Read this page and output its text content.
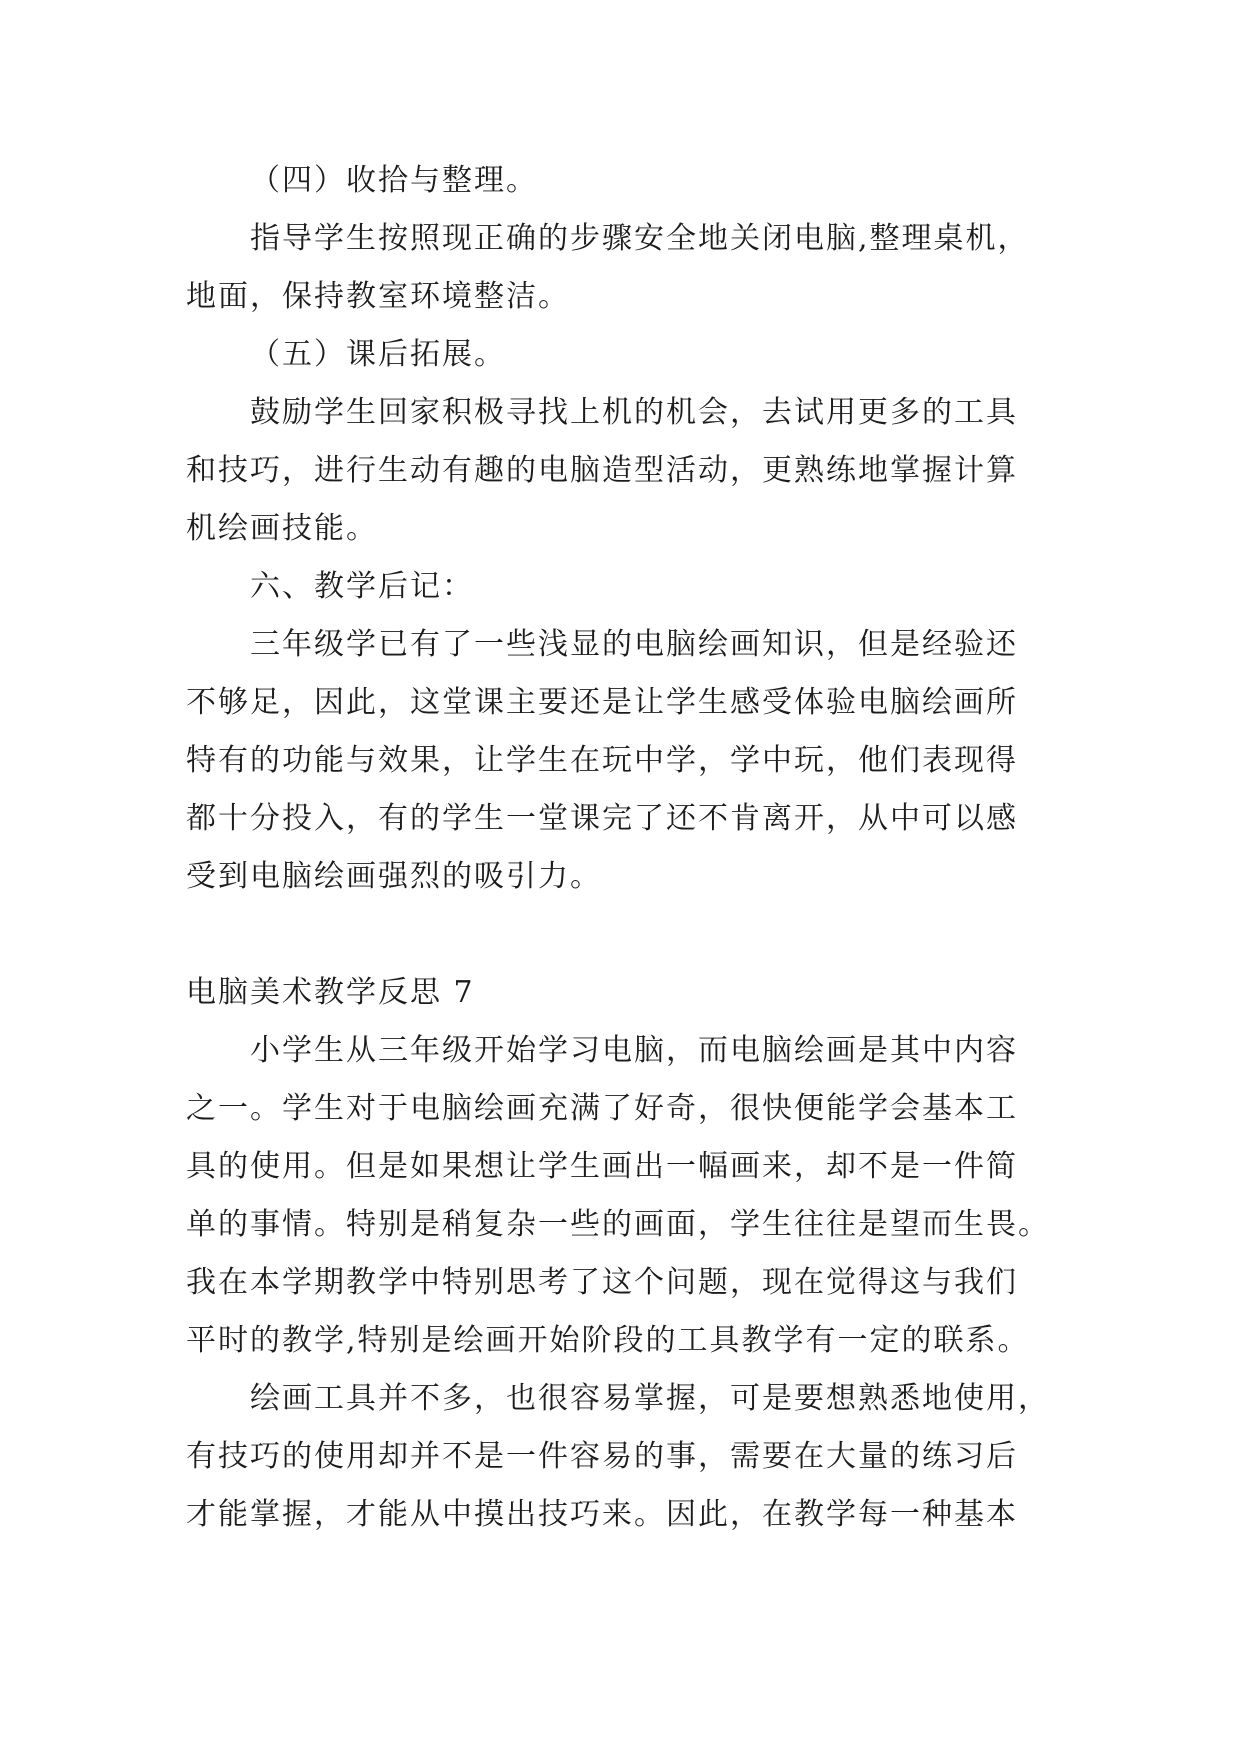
（四）收拾与整理。
指导学生按照现正确的步骤安全地关闭电脑,整理桌机，
地面，保持教室环境整洁。
（五）课后拓展。
鼓励学生回家积极寻找上机的机会，去试用更多的工具
和技巧，进行生动有趣的电脑造型活动，更熟练地掌握计算
机绘画技能。
六、教学后记：
三年级学已有了一些浅显的电脑绘画知识，但是经验还
不够足，因此，这堂课主要还是让学生感受体验电脑绘画所
特有的功能与效果，让学生在玩中学，学中玩，他们表现得
都十分投入，有的学生一堂课完了还不肯离开，从中可以感
受到电脑绘画强烈的吸引力。
电脑美术教学反思 7
小学生从三年级开始学习电脑，而电脑绘画是其中内容
之一。学生对于电脑绘画充满了好奇，很快便能学会基本工
具的使用。但是如果想让学生画出一幅画来，却不是一件简
单的事情。特别是稍复杂一些的画面，学生往往是望而生畏。
我在本学期教学中特别思考了这个问题，现在觉得这与我们
平时的教学,特别是绘画开始阶段的工具教学有一定的联系。
绘画工具并不多，也很容易掌握，可是要想熟悉地使用，
有技巧的使用却并不是一件容易的事，需要在大量的练习后
才能掌握，才能从中摸出技巧来。因此，在教学每一种基本
